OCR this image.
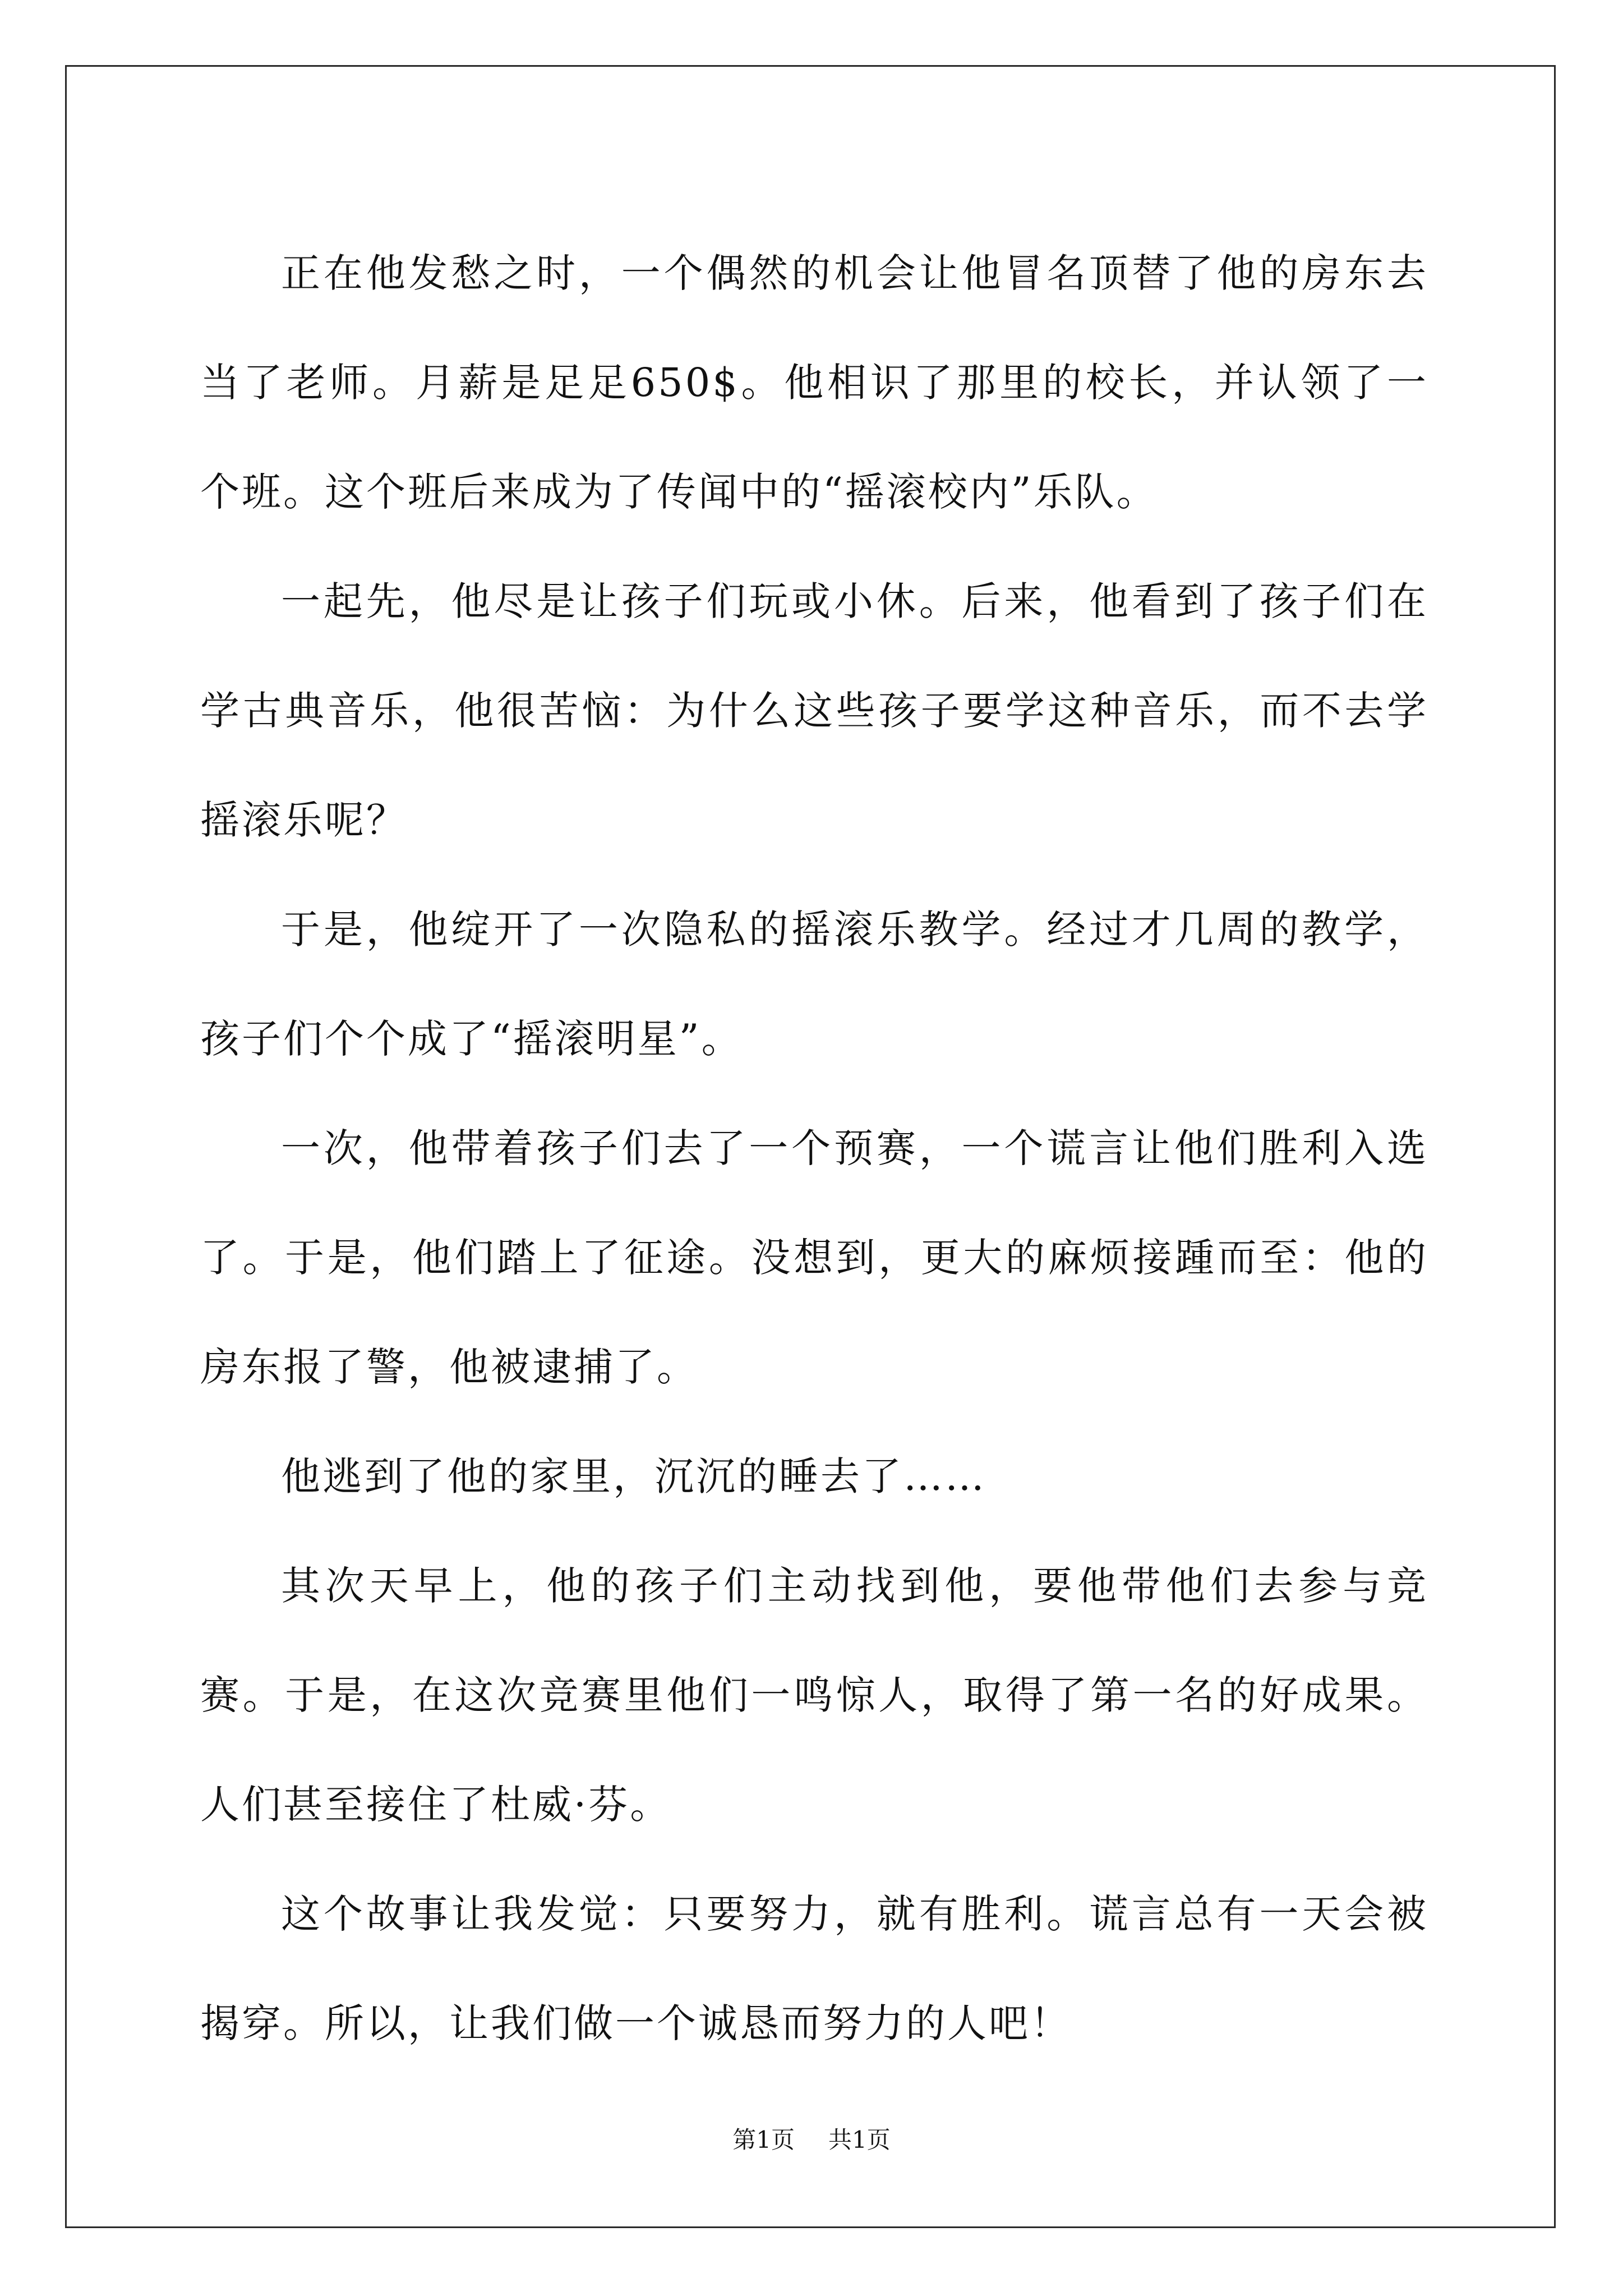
正在他发愁之时，一个偶然的机会让他冒名顶替了他的房东去当了老师。月薪是足足650$。他相识了那里的校长，并认领了一个班。这个班后来成为了传闻中的“摇滚校内”乐队。

一起先，他尽是让孩子们玩或小休。后来，他看到了孩子们在学古典音乐，他很苦恼：为什么这些孩子要学这种音乐，而不去学摇滚乐呢？

于是，他绽开了一次隐私的摇滚乐教学。经过才几周的教学，孩子们个个成了“摇滚明星”。

一次，他带着孩子们去了一个预赛，一个谎言让他们胜利入选了。于是，他们踏上了征途。没想到，更大的麻烦接踵而至：他的房东报了警，他被逮捕了。

他逃到了他的家里，沉沉的睡去了……

其次天早上，他的孩子们主动找到他，要他带他们去参与竞赛。于是，在这次竞赛里他们一鸣惊人，取得了第一名的好成果。人们甚至接住了杜威·芬。

这个故事让我发觉：只要努力，就有胜利。谎言总有一天会被揭穿。所以，让我们做一个诚恳而努力的人吧！

第1页 共1页
